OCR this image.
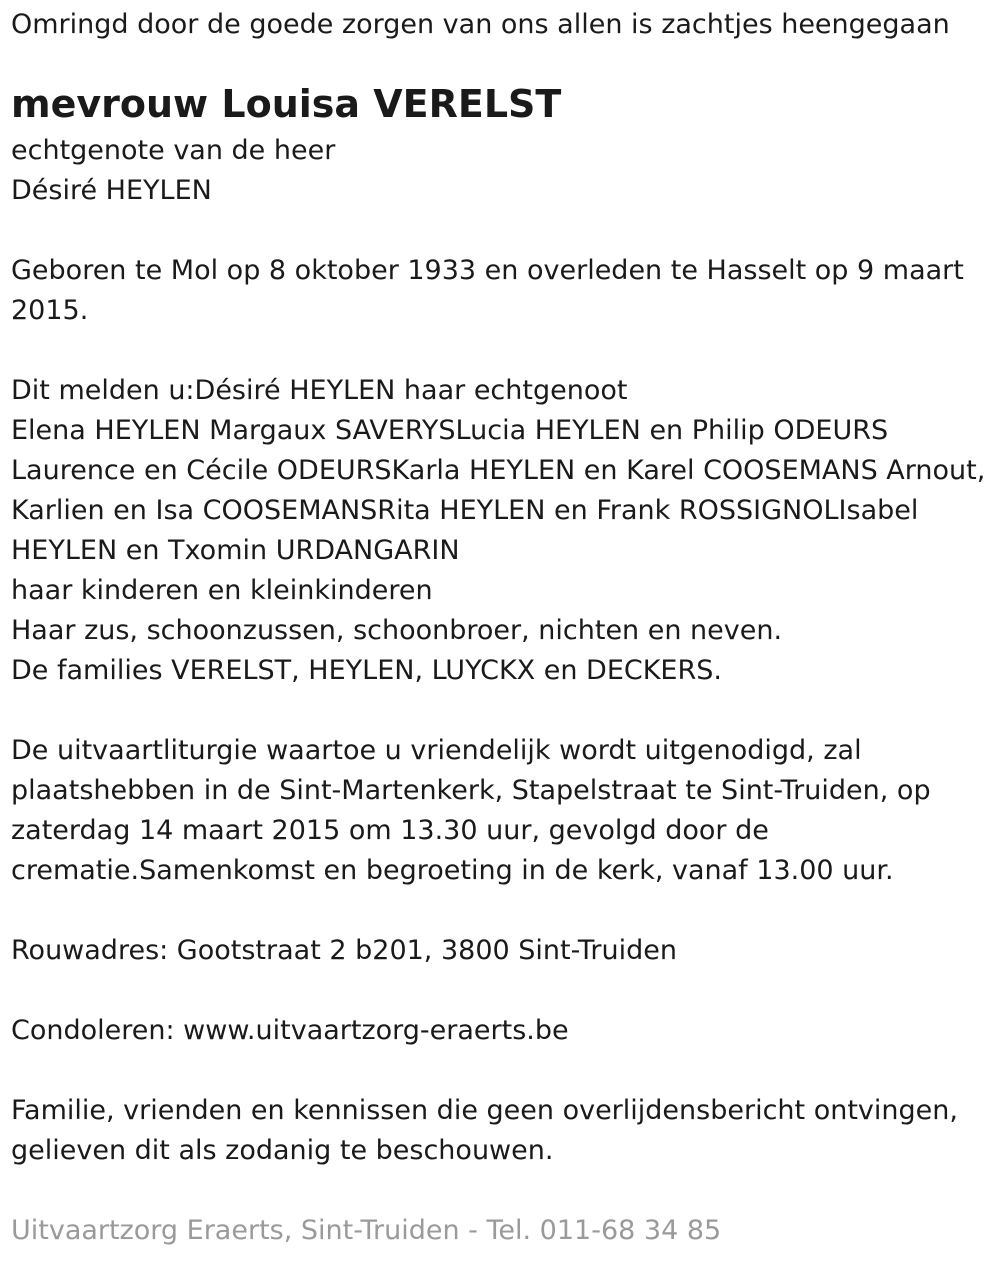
Omringd door de goede zorgen van ons allen is zachtjes heengegaan
mevrouw Louisa VERELST
echtgenote van de heer
Désiré HEYLEN
Geboren te Mol op 8 oktober 1933 en overleden te Hasselt op 9 maart
2015.
Dit melden u:Désiré HEYLEN haar echtgenoot
Elena HEYLEN Margaux SAVERYSLucia HEYLEN en Philip ODEURS
Laurence en Cécile ODEURSKarla HEYLEN en Karel COOSEMANS Arnout,
Karlien en Isa COOSEMANSRita HEYLEN en Frank ROSSIGNOLIsabel
HEYLEN en Txomin URDANGARIN
haar kinderen en kleinkinderen
Haar zus, schoonzussen, schoonbroer, nichten en neven.
De families VERELST, HEYLEN, LUYCKX en DECKERS.
De uitvaartliturgie waartoe u vriendelijk wordt uitgenodigd, zal
plaatshebben in de Sint-Martenkerk, Stapelstraat te Sint-Truiden, op
zaterdag 14 maart 2015 om 13.30 uur, gevolgd door de
crematie.Samenkomst en begroeting in de kerk, vanaf 13.00 uur.
Rouwadres: Gootstraat 2 b201, 3800 Sint-Truiden
Condoleren: www.uitvaartzorg-eraerts.be
Familie, vrienden en kennissen die geen overlijdensbericht ontvingen,
gelieven dit als zodanig te beschouwen.
Uitvaartzorg Eraerts, Sint-Truiden - Tel. 011-68 34 85
